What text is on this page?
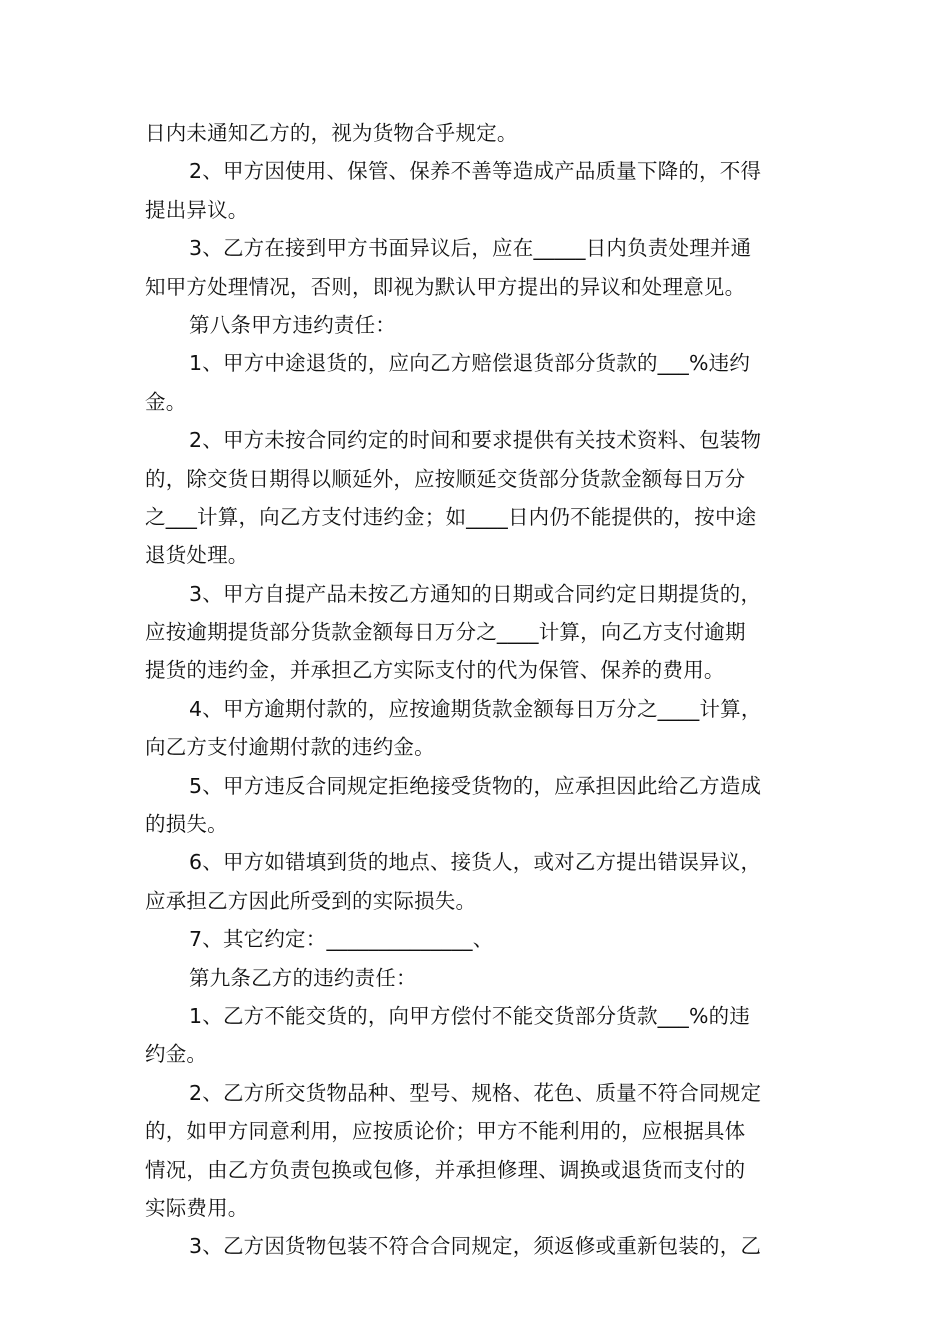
日内未通知乙方的，视为货物合乎规定。
2、甲方因使用、保管、保养不善等造成产品质量下降的，不得
提出异议。
3、乙方在接到甲方书面异议后，应在_____日内负责处理并通
知甲方处理情况，否则，即视为默认甲方提出的异议和处理意见。
第八条甲方违约责任：
1、甲方中途退货的，应向乙方赔偿退货部分货款的___%违约
金。
2、甲方未按合同约定的时间和要求提供有关技术资料、包装物
的，除交货日期得以顺延外，应按顺延交货部分货款金额每日万分
之___计算，向乙方支付违约金；如____日内仍不能提供的，按中途
退货处理。
3、甲方自提产品未按乙方通知的日期或合同约定日期提货的，
应按逾期提货部分货款金额每日万分之____计算，向乙方支付逾期
提货的违约金，并承担乙方实际支付的代为保管、保养的费用。
4、甲方逾期付款的，应按逾期货款金额每日万分之____计算，
向乙方支付逾期付款的违约金。
5、甲方违反合同规定拒绝接受货物的，应承担因此给乙方造成
的损失。
6、甲方如错填到货的地点、接货人，或对乙方提出错误异议，
应承担乙方因此所受到的实际损失。
7、其它约定：______________、
第九条乙方的违约责任：
1、乙方不能交货的，向甲方偿付不能交货部分货款___%的违
约金。
2、乙方所交货物品种、型号、规格、花色、质量不符合同规定
的，如甲方同意利用，应按质论价；甲方不能利用的，应根据具体
情况，由乙方负责包换或包修，并承担修理、调换或退货而支付的
实际费用。
3、乙方因货物包装不符合合同规定，须返修或重新包装的，乙
